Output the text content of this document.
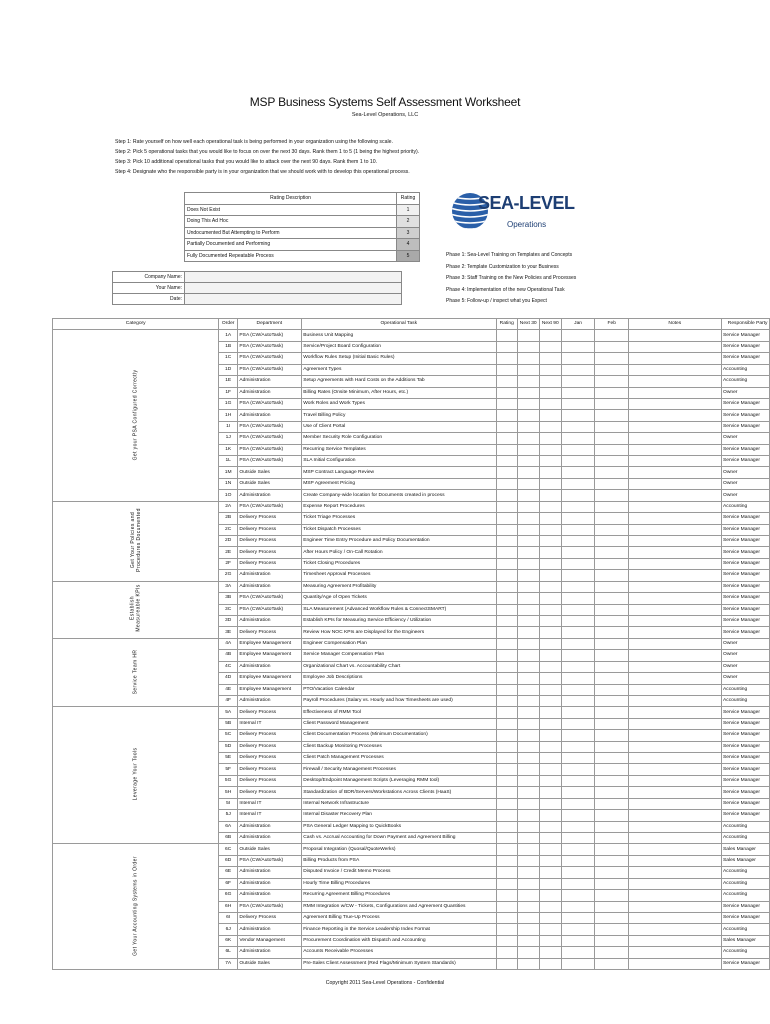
MSP Business Systems Self Assessment Worksheet
Sea-Level Operations, LLC
Step 1: Rate yourself on how well each operational task is being performed in your organization using the following scale.
Step 2: Pick 5 operational tasks that you would like to focus on over the next 30 days. Rank them 1 to 5 (1 being the highest priority).
Step 3: Pick 10 additional operational tasks that you would like to attack over the next 90 days. Rank them 1 to 10.
Step 4: Designate who the responsible party is in your organization that we should work with to develop this operational process.
Rating Description	Rating
Does Not Exist	1
Doing This Ad Hoc	2
Undocumented But Attempting to Perform	3
Partially Documented and Performing	4
Fully Documented Repeatable Process	5
SEA-LEVEL
Operations
Phase 1: Sea-Level Training on Templates and Concepts
Phase 2: Template Customization to your Business
Phase 3: Staff Training on the New Policies and Processes
Phase 4: Implementation of the new Operational Task
Phase 5: Follow-up / inspect what you Expect
Company Name:	
Your Name:	
Date:	
Category	Order	Department	Operational Task	Rating	Next 30	Next 90	Jan	Feb	Notes	Responsible Party
Get your PSA Configured Correctly	1A	PSA (CW/AutoTask)	Business Unit Mapping							Service Manager
	1B	PSA (CW/AutoTask)	Service/Project Board Configuration							Service Manager
	1C	PSA (CW/AutoTask)	Workflow Rules Setup (Initial Basic Rules)							Service Manager
	1D	PSA (CW/AutoTask)	Agreement Types							Accounting
	1E	Administration	Setup Agreements with Hard Costs on the Additions Tab							Accounting
	1F	Administration	Billing Rates (Onsite Minimum, After Hours, etc.)							Owner
	1G	PSA (CW/AutoTask)	Work Roles and Work Types							Service Manager
	1H	Administration	Travel Billing Policy							Service Manager
	1I	PSA (CW/AutoTask)	Use of Client Portal							Service Manager
	1J	PSA (CW/AutoTask)	Member Security Role Configuration							Owner
	1K	PSA (CW/AutoTask)	Recurring Service Templates							Service Manager
	1L	PSA (CW/AutoTask)	SLA Initial Configuration							Service Manager
	1M	Outside Sales	MSP Contract Language Review							Owner
	1N	Outside Sales	MSP Agreement Pricing							Owner
	1O	Administration	Create Company-wide location for Documents created in process							Owner
Get Your Policies and Procedures Documented	2A	PSA (CW/AutoTask)	Expense Report Procedures							Accounting
	2B	Delivery Process	Ticket Triage Processes							Service Manager
	2C	Delivery Process	Ticket Dispatch Processes							Service Manager
	2D	Delivery Process	Engineer Time Entry Procedure and Policy Documentation							Service Manager
	2E	Delivery Process	After Hours Policy / On-Call Rotation							Service Manager
	2F	Delivery Process	Ticket Closing Procedures							Service Manager
	2G	Administration	Timesheet Approval Processes							Service Manager
Establish Measureable KPIs	3A	Administration	Measuring Agreement Profitability							Service Manager
	3B	PSA (CW/AutoTask)	Quantity/Age of Open Tickets							Service Manager
	3C	PSA (CW/AutoTask)	SLA Measurement (Advanced Workflow Rules & ConnectSMART)							Service Manager
	3D	Administration	Establish KPIs for Measuring Service Efficiency / Utilization							Service Manager
	3E	Delivery Process	Review How NOC KPIs are Displayed for the Engineers							Service Manager
Service Team HR	4A	Employee Management	Engineer Compensation Plan							Owner
	4B	Employee Management	Service Manager Compensation Plan							Owner
	4C	Administration	Organizational Chart vs. Accountability Chart							Owner
	4D	Employee Management	Employee Job Descriptions							Owner
	4E	Employee Management	PTO/Vacation Calendar							Accounting
	4F	Administration	Payroll Procedures (Salary vs. Hourly and how Timesheets are used)							Accounting
Leverage Your Tools	5A	Delivery Process	Effectiveness of RMM Tool							Service Manager
	5B	Internal IT	Client Password Management							Service Manager
	5C	Delivery Process	Client Documentation Process (Minimum Documentation)							Service Manager
	5D	Delivery Process	Client Backup Monitoring Processes							Service Manager
	5E	Delivery Process	Client Patch Management Processes							Service Manager
	5F	Delivery Process	Firewall / Security Management Processes							Service Manager
	5G	Delivery Process	Desktop/Endpoint Management Scripts (Leveraging RMM tool)							Service Manager
	5H	Delivery Process	Standardization of BDR/Servers/Workstations Across Clients (HaaS)							Service Manager
	5I	Internal IT	Internal Network Infrastructure							Service Manager
	5J	Internal IT	Internal Disaster Recovery Plan							Service Manager
	6A	Administration	PSA General Ledger Mapping to QuickBooks							Accounting
	6B	Administration	Cash vs. Accrual Accounting for Down Payment and Agreement Billing							Accounting
Get Your Accounting Systems in Order	6C	Outside Sales	Proposal Integration (Quosal/QuoteWerks)							Sales Manager
	6D	PSA (CW/AutoTask)	Billing Products from PSA							Sales Manager
	6E	Administration	Disputed Invoice / Credit Memo Process							Accounting
	6F	Administration	Hourly Time Billing Procedures							Accounting
	6G	Administration	Recurring Agreement Billing Procedures							Accounting
	6H	PSA (CW/AutoTask)	RMM Integration w/CW - Tickets, Configurations and Agreement Quantities							Service Manager
	6I	Delivery Process	Agreement Billing True-Up Process							Service Manager
	6J	Administration	Finance Reporting in the Service Leadership Index Format							Accounting
	6K	Vendor Management	Procurement Coordination with Dispatch and Accounting							Sales Manager
	6L	Administration	Accounts Receivable Processes							Accounting
	7A	Outside Sales	Pre-Sales Client Assessment (Red Flags/Minimum System Standards)							Service Manager
Copyright 2011 Sea-Level Operations - Confidential
